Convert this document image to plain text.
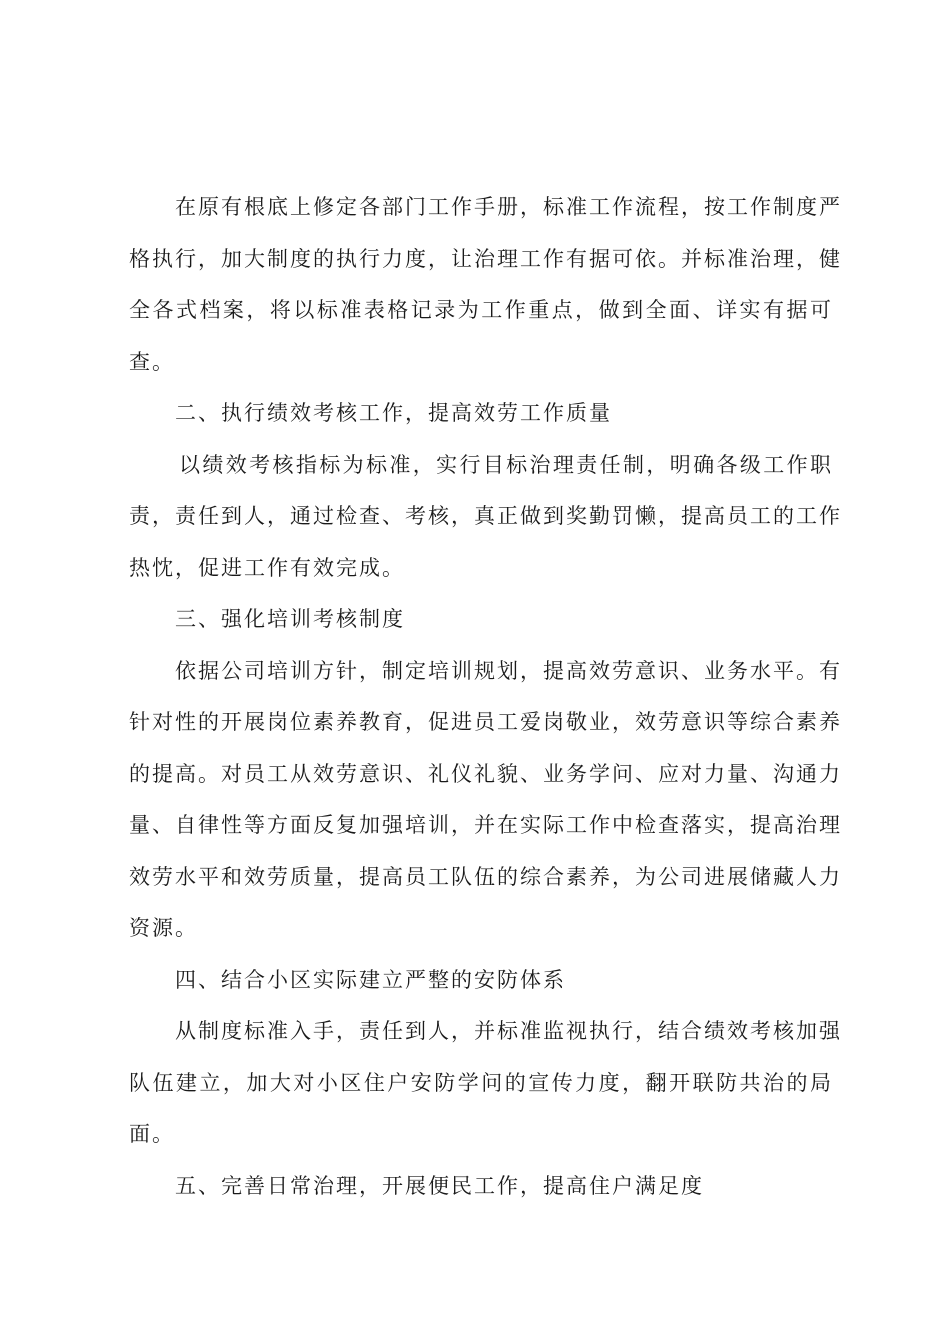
在原有根底上修定各部门工作手册，标准工作流程，按工作制度严
格执行，加大制度的执行力度，让治理工作有据可依。并标准治理，健
全各式档案，将以标准表格记录为工作重点，做到全面、详实有据可
查。
二、执行绩效考核工作，提高效劳工作质量
以绩效考核指标为标准，实行目标治理责任制，明确各级工作职
责，责任到人，通过检查、考核，真正做到奖勤罚懒，提高员工的工作
热忱，促进工作有效完成。
三、强化培训考核制度
依据公司培训方针，制定培训规划，提高效劳意识、业务水平。有
针对性的开展岗位素养教育，促进员工爱岗敬业，效劳意识等综合素养
的提高。对员工从效劳意识、礼仪礼貌、业务学问、应对力量、沟通力
量、自律性等方面反复加强培训，并在实际工作中检查落实，提高治理
效劳水平和效劳质量，提高员工队伍的综合素养，为公司进展储藏人力
资源。
四、结合小区实际建立严整的安防体系
从制度标准入手，责任到人，并标准监视执行，结合绩效考核加强
队伍建立，加大对小区住户安防学问的宣传力度，翻开联防共治的局
面。
五、完善日常治理，开展便民工作，提高住户满足度
